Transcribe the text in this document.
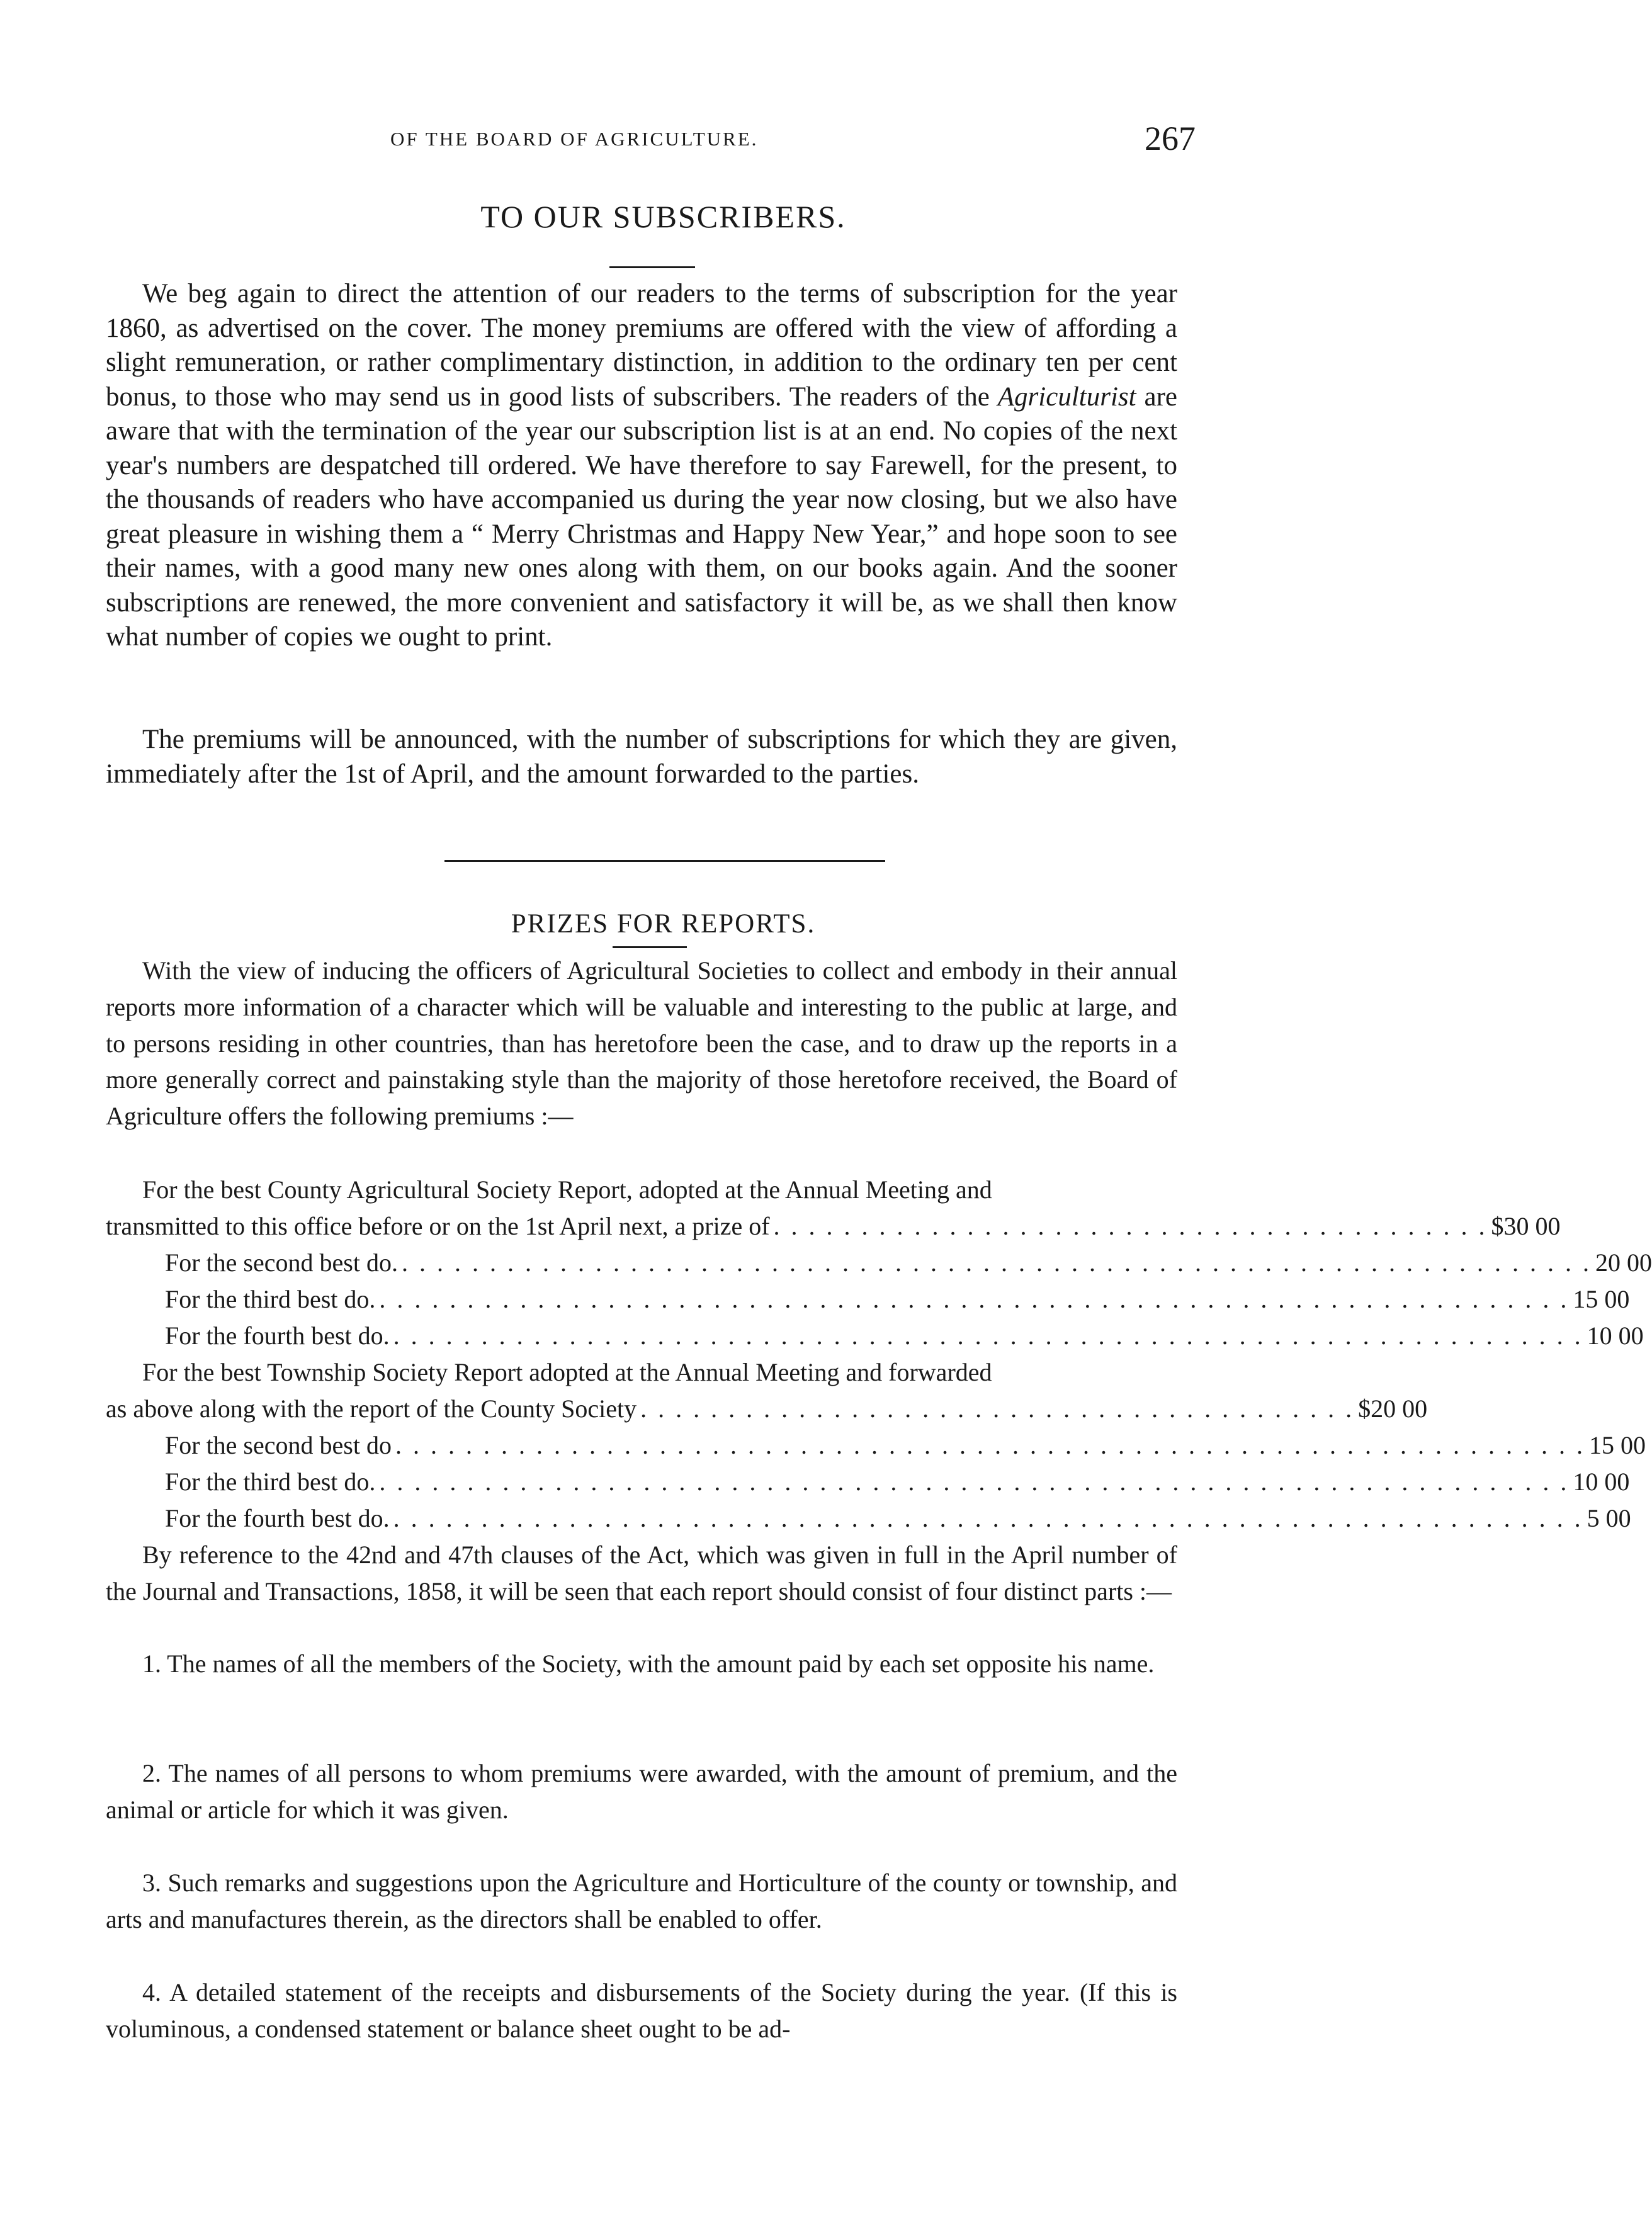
OF THE BOARD OF AGRICULTURE.	267
TO OUR SUBSCRIBERS.
We beg again to direct the attention of our readers to the terms of subscription for the year 1860, as advertised on the cover. The money premiums are offered with the view of affording a slight remuneration, or rather complimentary distinction, in addition to the ordinary ten per cent bonus, to those who may send us in good lists of subscribers. The readers of the Agriculturist are aware that with the termination of the year our subscription list is at an end. No copies of the next year's numbers are despatched till ordered. We have therefore to say Farewell, for the present, to the thousands of readers who have accompanied us during the year now closing, but we also have great pleasure in wishing them a “ Merry Christmas and Happy New Year,” and hope soon to see their names, with a good many new ones along with them, on our books again. And the sooner subscriptions are renewed, the more convenient and satisfactory it will be, as we shall then know what number of copies we ought to print.
The premiums will be announced, with the number of subscriptions for which they are given, immediately after the 1st of April, and the amount forwarded to the parties.
PRIZES FOR REPORTS.
With the view of inducing the officers of Agricultural Societies to collect and embody in their annual reports more information of a character which will be valuable and interesting to the public at large, and to persons residing in other countries, than has heretofore been the case, and to draw up the reports in a more generally correct and painstaking style than the majority of those heretofore received, the Board of Agriculture offers the following premiums :—
For the best County Agricultural Society Report, adopted at the Annual Meeting and
transmitted to this office before or on the 1st April next, a prize of . . . . . . . . . . . . . . . . . . . . . . . . . . . . . . . . . . . . . . . . . $30 00
For the second best do. . . . . . . . . . . . . . . . . . . . . . . . . . . . . . . . . . . . . . . . . . . . . . . . . . . . . . . . . . . . . . . . . . . . . 20 00
For the third best do. . . . . . . . . . . . . . . . . . . . . . . . . . . . . . . . . . . . . . . . . . . . . . . . . . . . . . . . . . . . . . . . . . . . . 15 00
For the fourth best do. . . . . . . . . . . . . . . . . . . . . . . . . . . . . . . . . . . . . . . . . . . . . . . . . . . . . . . . . . . . . . . . . . . . . 10 00
For the best Township Society Report adopted at the Annual Meeting and forwarded
as above along with the report of the County Society . . . . . . . . . . . . . . . . . . . . . . . . . . . . . . . . . . . . . . . . . $20 00
For the second best do . . . . . . . . . . . . . . . . . . . . . . . . . . . . . . . . . . . . . . . . . . . . . . . . . . . . . . . . . . . . . . . . . . . . 15 00
For the third best do. . . . . . . . . . . . . . . . . . . . . . . . . . . . . . . . . . . . . . . . . . . . . . . . . . . . . . . . . . . . . . . . . . . . . 10 00
For the fourth best do. . . . . . . . . . . . . . . . . . . . . . . . . . . . . . . . . . . . . . . . . . . . . . . . . . . . . . . . . . . . . . . . . . . . . 5 00
By reference to the 42nd and 47th clauses of the Act, which was given in full in the April number of the Journal and Transactions, 1858, it will be seen that each report should consist of four distinct parts :—
1. The names of all the members of the Society, with the amount paid by each set opposite his name.
2. The names of all persons to whom premiums were awarded, with the amount of premium, and the animal or article for which it was given.
3. Such remarks and suggestions upon the Agriculture and Horticulture of the county or township, and arts and manufactures therein, as the directors shall be enabled to offer.
4. A detailed statement of the receipts and disbursements of the Society during the year. (If this is voluminous, a condensed statement or balance sheet ought to be ad-
